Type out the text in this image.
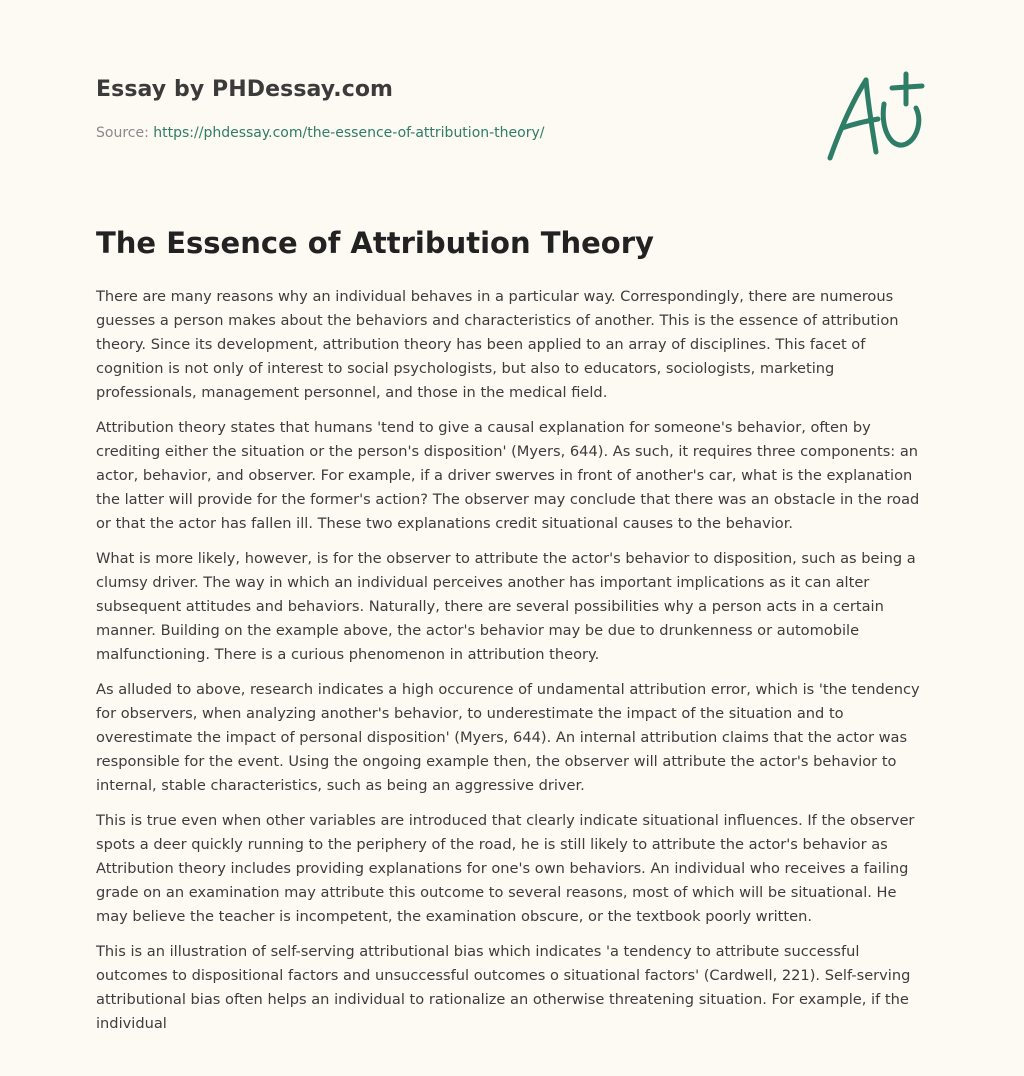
Essay by PHDessay.com
Source: https://phdessay.com/the-essence-of-attribution-theory/
The Essence of Attribution Theory

There are many reasons why an individual behaves in a particular way. Correspondingly, there are numerous guesses a person makes about the behaviors and characteristics of another. This is the essence of attribution theory. Since its development, attribution theory has been applied to an array of disciplines. This facet of cognition is not only of interest to social psychologists, but also to educators, sociologists, marketing professionals, management personnel, and those in the medical field.

Attribution theory states that humans 'tend to give a causal explanation for someone's behavior, often by crediting either the situation or the person's disposition' (Myers, 644). As such, it requires three components: an actor, behavior, and observer. For example, if a driver swerves in front of another's car, what is the explanation the latter will provide for the former's action? The observer may conclude that there was an obstacle in the road or that the actor has fallen ill. These two explanations credit situational causes to the behavior.

What is more likely, however, is for the observer to attribute the actor's behavior to disposition, such as being a clumsy driver. The way in which an individual perceives another has important implications as it can alter subsequent attitudes and behaviors. Naturally, there are several possibilities why a person acts in a certain manner. Building on the example above, the actor's behavior may be due to drunkenness or automobile malfunctioning. There is a curious phenomenon in attribution theory.

As alluded to above, research indicates a high occurence of undamental attribution error, which is 'the tendency for observers, when analyzing another's behavior, to underestimate the impact of the situation and to overestimate the impact of personal disposition' (Myers, 644). An internal attribution claims that the actor was responsible for the event. Using the ongoing example then, the observer will attribute the actor's behavior to internal, stable characteristics, such as being an aggressive driver.

This is true even when other variables are introduced that clearly indicate situational influences. If the observer spots a deer quickly running to the periphery of the road, he is still likely to attribute the actor's behavior as Attribution theory includes providing explanations for one's own behaviors. An individual who receives a failing grade on an examination may attribute this outcome to several reasons, most of which will be situational. He may believe the teacher is incompetent, the examination obscure, or the textbook poorly written.

This is an illustration of self-serving attributional bias which indicates 'a tendency to attribute successful outcomes to dispositional factors and unsuccessful outcomes o situational factors' (Cardwell, 221). Self-serving attributional bias often helps an individual to rationalize an otherwise threatening situation. For example, if the individual
